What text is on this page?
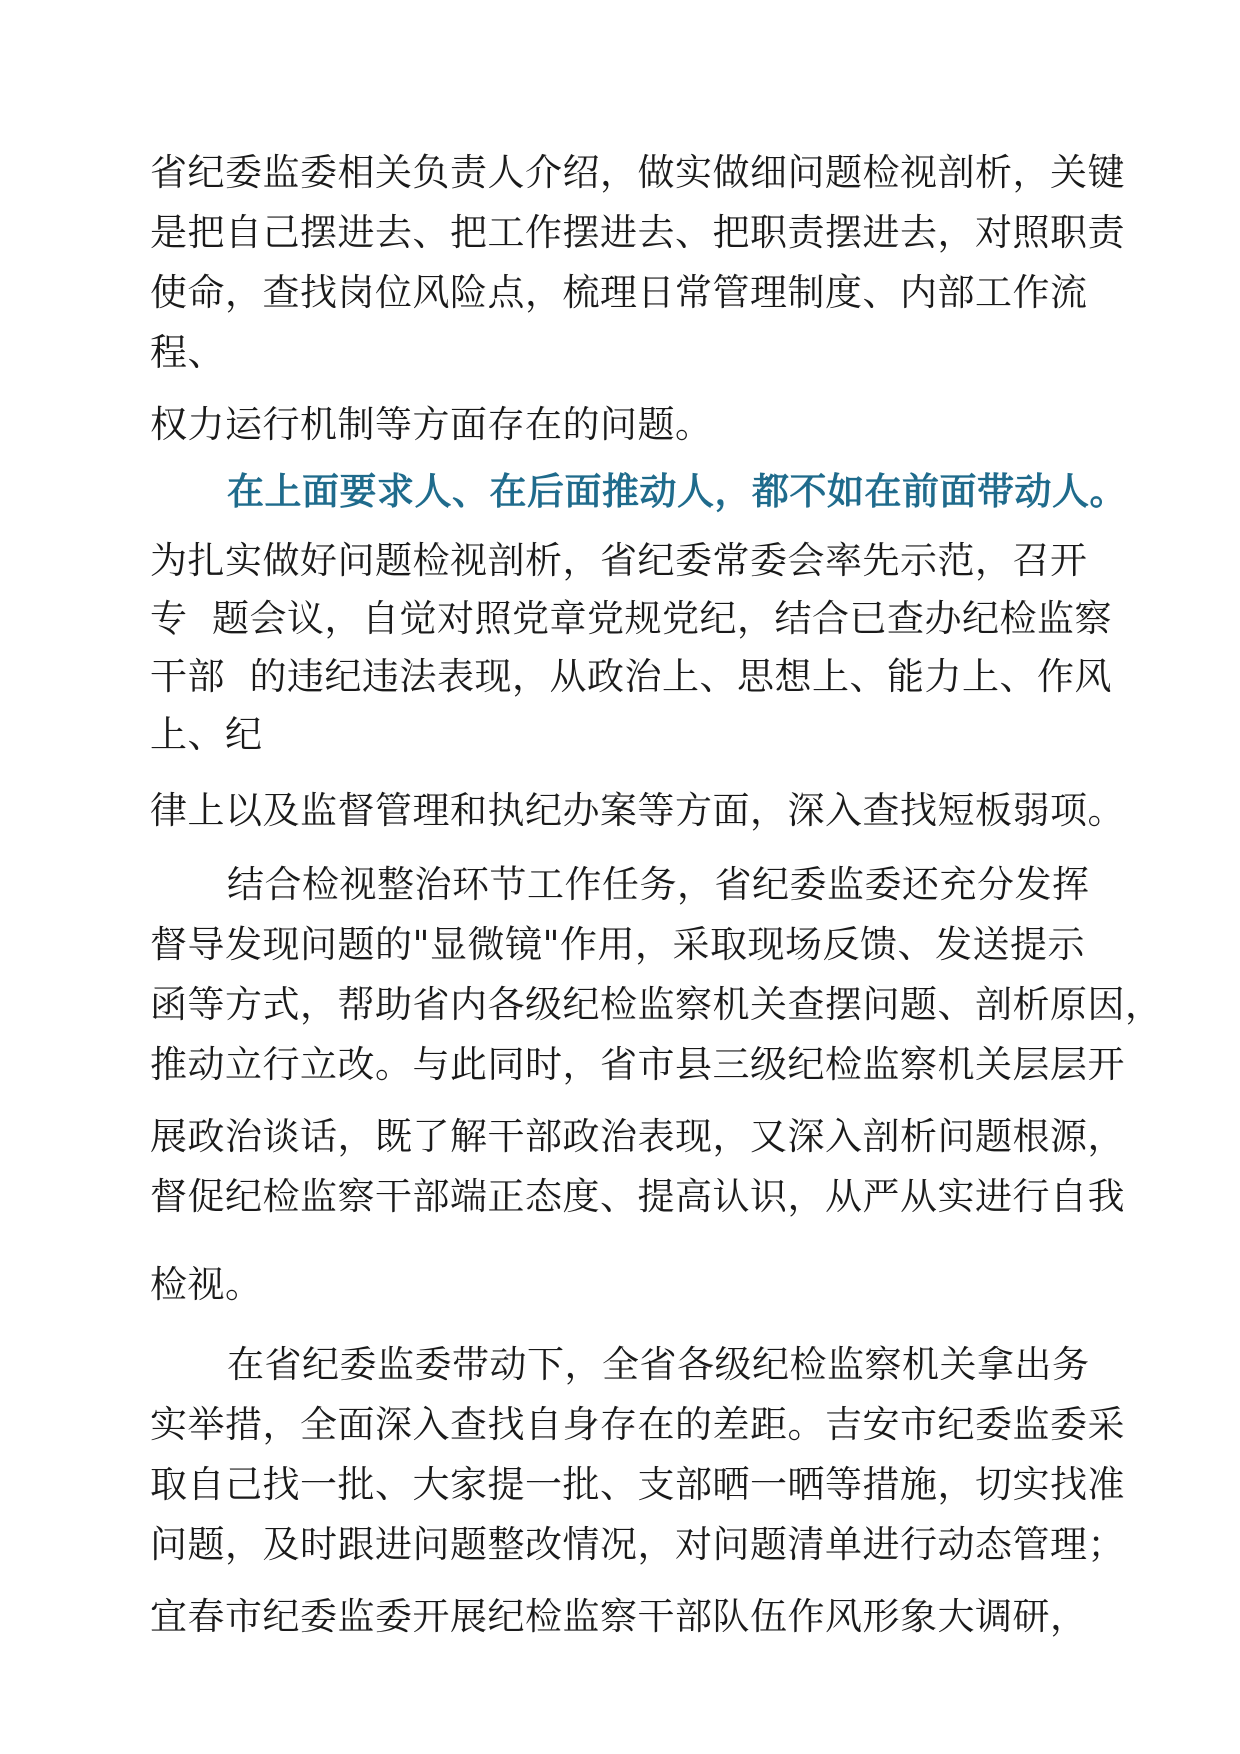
省纪委监委相关负责人介绍，做实做细问题检视剖析，关键
是把自己摆进去、把工作摆进去、把职责摆进去，对照职责
使命，查找岗位风险点，梳理日常管理制度、内部工作流
程、
权力运行机制等方面存在的问题。
在上面要求人、在后面推动人，都不如在前面带动人。
为扎实做好问题检视剖析，省纪委常委会率先示范，召开
专  题会议，自觉对照党章党规党纪，结合已查办纪检监察
干部  的违纪违法表现，从政治上、思想上、能力上、作风
上、纪
律上以及监督管理和执纪办案等方面，深入查找短板弱项。
结合检视整治环节工作任务，省纪委监委还充分发挥
督导发现问题的"显微镜"作用，采取现场反馈、发送提示
函等方式，帮助省内各级纪检监察机关查摆问题、剖析原因，
推动立行立改。与此同时，省市县三级纪检监察机关层层开
展政治谈话，既了解干部政治表现，又深入剖析问题根源，
督促纪检监察干部端正态度、提高认识，从严从实进行自我
检视。
在省纪委监委带动下，全省各级纪检监察机关拿出务
实举措，全面深入查找自身存在的差距。吉安市纪委监委采
取自己找一批、大家提一批、支部晒一晒等措施，切实找准
问题，及时跟进问题整改情况，对问题清单进行动态管理；
宜春市纪委监委开展纪检监察干部队伍作风形象大调研，
